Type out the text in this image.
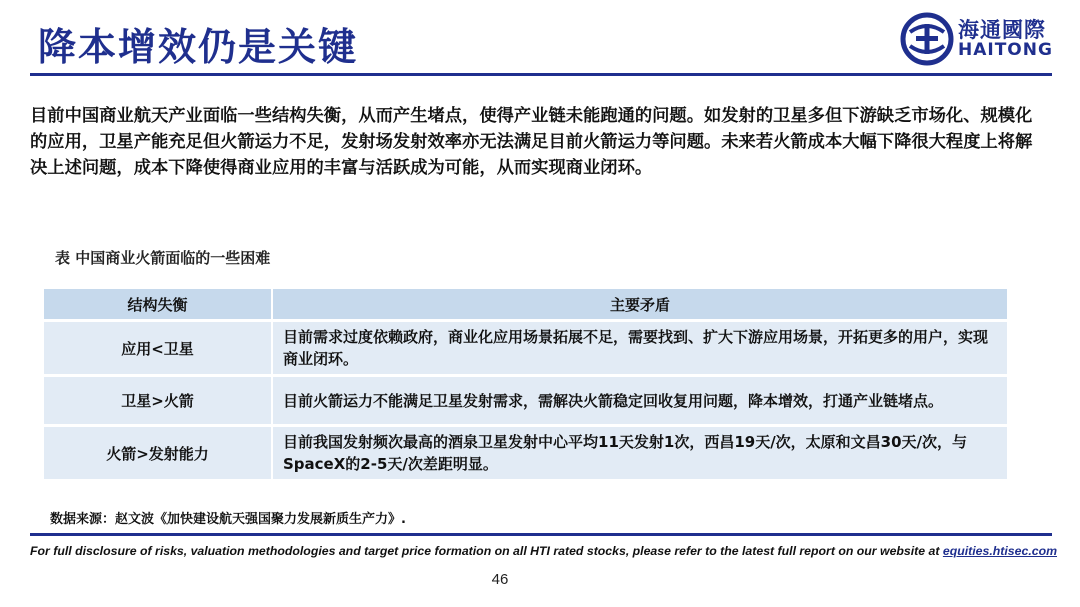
降本增效仍是关键	海通國際
HAITONG

目前中国商业航天产业面临一些结构失衡，从而产生堵点，使得产业链未能跑通的问题。如发射的卫星多但下游缺乏市场化、规模化的应用，卫星产能充足但火箭运力不足，发射场发射效率亦无法满足目前火箭运力等问题。未来若火箭成本大幅下降很大程度上将解决上述问题，成本下降使得商业应用的丰富与活跃成为可能，从而实现商业闭环。

表 中国商业火箭面临的一些困难
结构失衡	主要矛盾
应用<卫星	目前需求过度依赖政府，商业化应用场景拓展不足，需要找到、扩大下游应用场景，开拓更多的用户，实现商业闭环。
卫星>火箭	目前火箭运力不能满足卫星发射需求，需解决火箭稳定回收复用问题，降本增效，打通产业链堵点。
火箭>发射能力	目前我国发射频次最高的酒泉卫星发射中心平均11天发射1次，西昌19天/次，太原和文昌30天/次，与SpaceX的2-5天/次差距明显。
数据来源：赵文波《加快建设航天强国聚力发展新质生产力》.
For full disclosure of risks, valuation methodologies and target price formation on all HTI rated stocks, please refer to the latest full report on our website at equities.htisec.com
46
